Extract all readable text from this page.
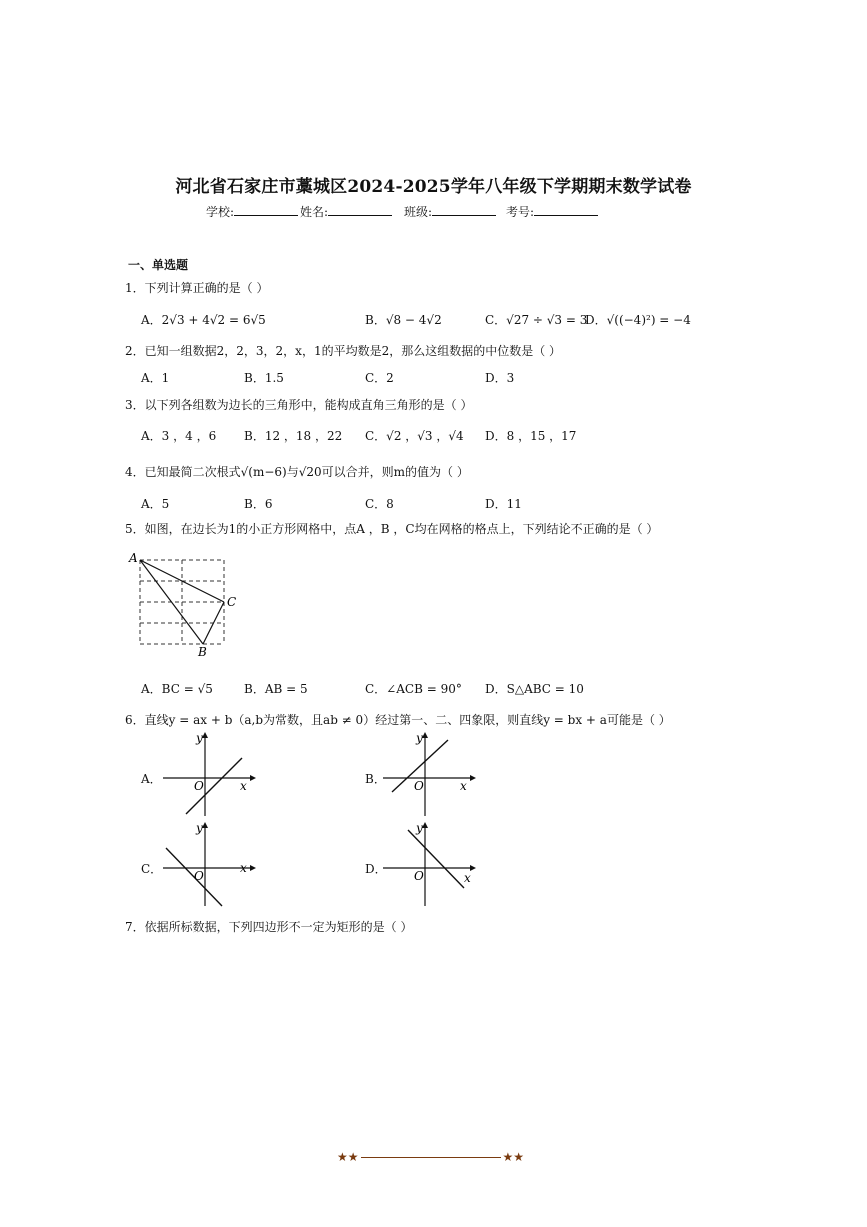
河北省石家庄市藁城区2024-2025学年八年级下学期期末数学试卷
学校:	姓名:	班级:	考号:
一、单选题
1．下列计算正确的是（ ）
A．2√3 + 4√2 = 6√5	B．√8 − 4√2	C．√27 ÷ √3 = 3
D．√((−4)²) = −4
2．已知一组数据2，2，3，2，x，1的平均数是2，那么这组数据的中位数是（ ）
A．1	B．1.5	C．2	D．3
3．以下列各组数为边长的三角形中，能构成直角三角形的是（ ）
A．3 ，4 ，6 B．12 ，18 ，22 C．√2 ，√3 ，√4 D．8 ，15 ，17
4．已知最简二次根式√(m−6)与√20可以合并，则m的值为（ ）
A．5	B．6	C．8	D．11
5．如图，在边长为1的小正方形网格中，点A ，B ，C均在网格的格点上，下列结论不正确的是（ ）
A
C
B
A．BC = √5	B．AB = 5	C．∠ACB = 90° D．S△ABC = 10
6．直线y = ax + b（a,b为常数，且ab ≠ 0）经过第一、二、四象限，则直线y = bx + a可能是（ ）
A．	x
y
O	B．	x
y
O
C．	x
y
O	D．
x
y
O
7．依据所标数据，下列四边形不一定为矩形的是（ ）
★★	★★
